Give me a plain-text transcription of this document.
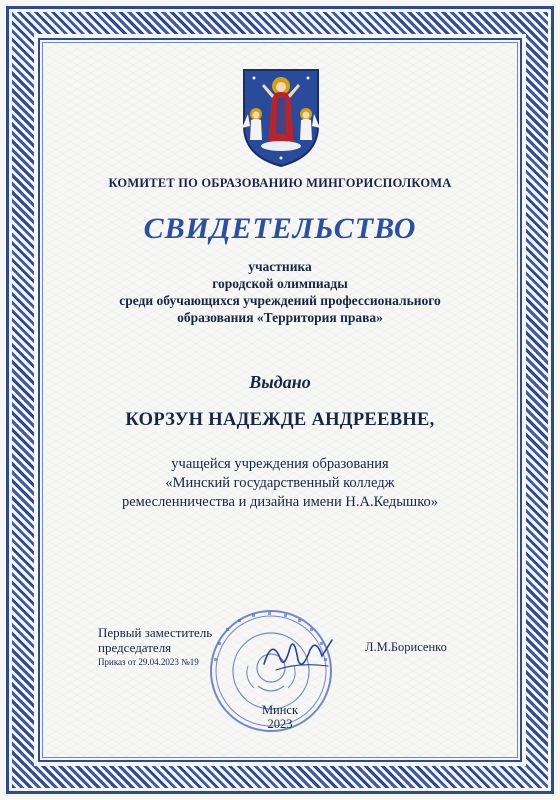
КОМИТЕТ ПО ОБРАЗОВАНИЮ МИНГОРИСПОЛКОМА
СВИДЕТЕЛЬСТВО
участника
городской олимпиады
среди обучающихся учреждений профессионального
образования «Территория права»
Выдано
КОРЗУН НАДЕЖДЕ АНДРЕЕВНЕ,
учащейся учреждения образования
«Минский государственный колледж
ремесленничества и дизайна имени Н.А.Кедышко»
Первый заместитель
председателя
Приказ от 29.04.2023 №19
Л.М.Борисенко
Минск
2023
